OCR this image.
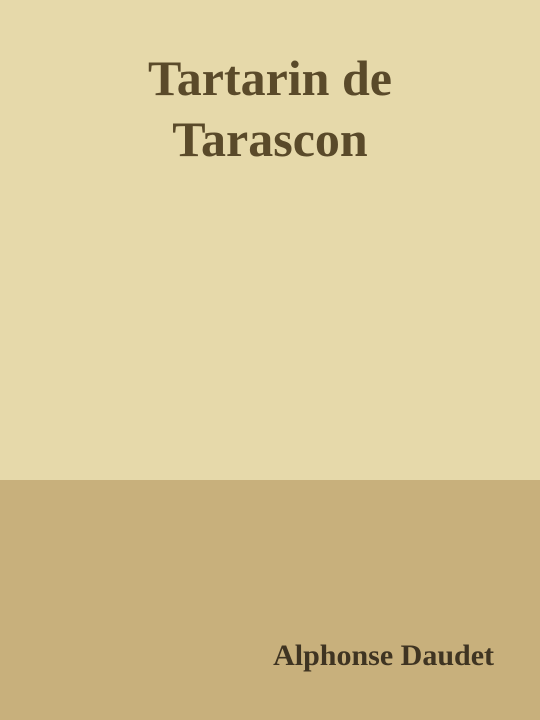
Tartarin de
Tarascon

Alphonse Daudet
